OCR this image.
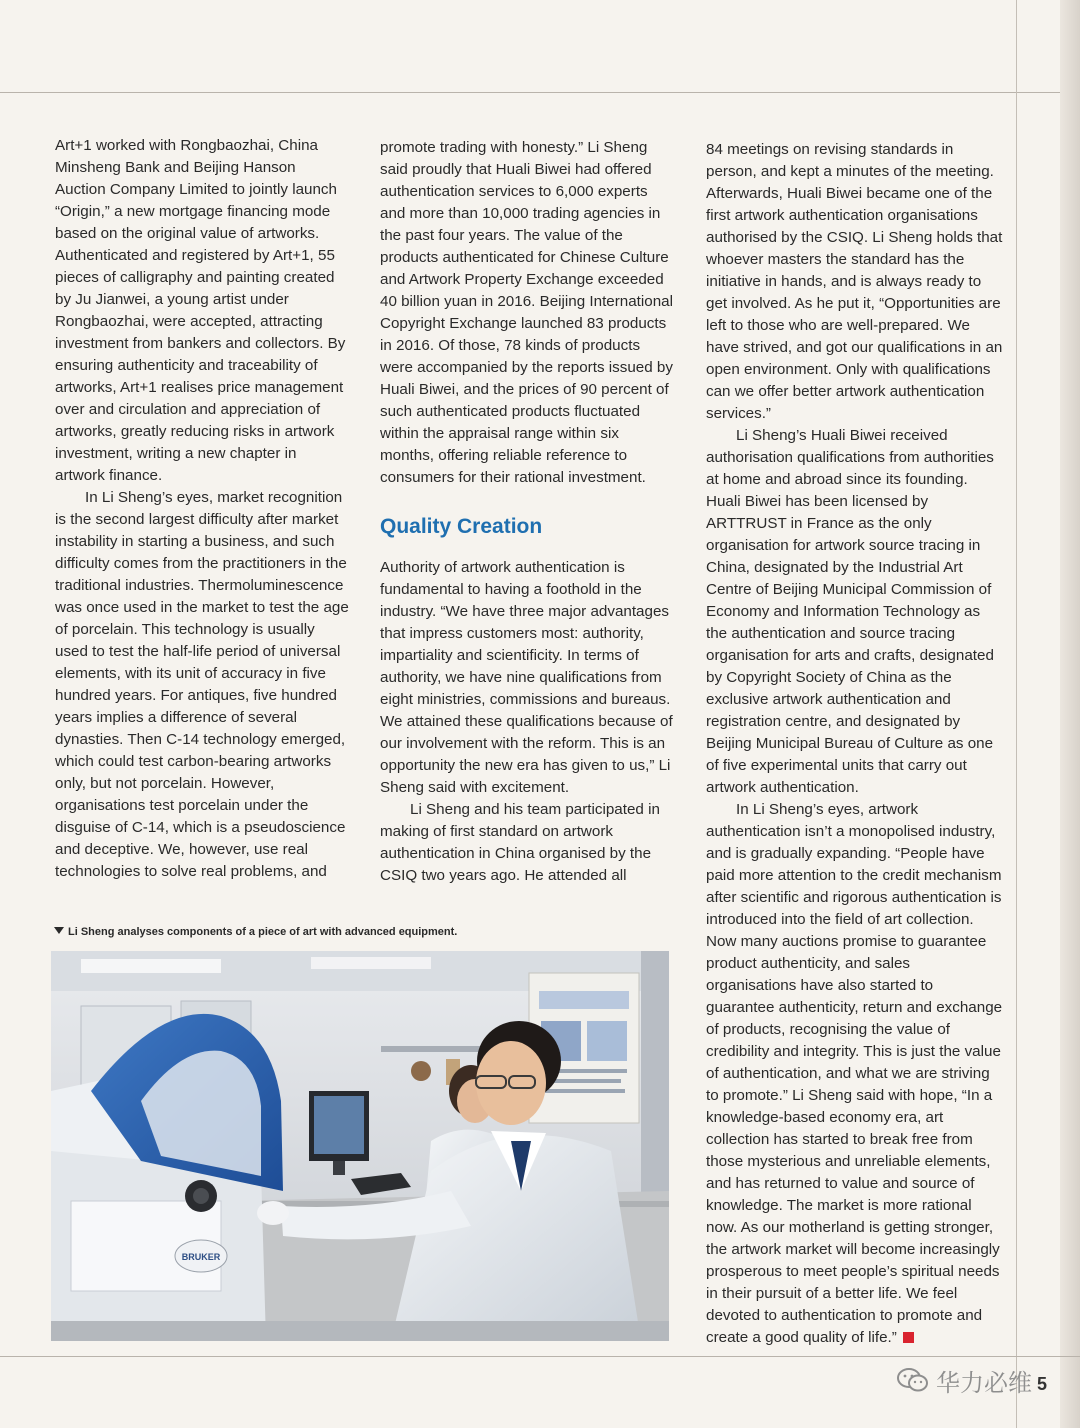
Art+1 worked with Rongbaozhai, China Minsheng Bank and Beijing Hanson Auction Company Limited to jointly launch “Origin,” a new mortgage financing mode based on the original value of artworks. Authenticated and registered by Art+1, 55 pieces of calligraphy and painting created by Ju Jianwei, a young artist under Rongbaozhai, were accepted, attracting investment from bankers and collectors. By ensuring authenticity and traceability of artworks, Art+1 realises price management over and circulation and appreciation of artworks, greatly reducing risks in artwork investment, writing a new chapter in artwork finance.

In Li Sheng’s eyes, market recognition is the second largest difficulty after market instability in starting a business, and such difficulty comes from the practitioners in the traditional industries. Thermoluminescence was once used in the market to test the age of porcelain. This technology is usually used to test the half-life period of universal elements, with its unit of accuracy in five hundred years. For antiques, five hundred years implies a difference of several dynasties. Then C-14 technology emerged, which could test carbon-bearing artworks only, but not porcelain. However, organisations test porcelain under the disguise of C-14, which is a pseudoscience and deceptive. We, however, use real technologies to solve real problems, and

promote trading with honesty.” Li Sheng said proudly that Huali Biwei had offered authentication services to 6,000 experts and more than 10,000 trading agencies in the past four years. The value of the products authenticated for Chinese Culture and Artwork Property Exchange exceeded 40 billion yuan in 2016. Beijing International Copyright Exchange launched 83 products in 2016. Of those, 78 kinds of products were accompanied by the reports issued by Huali Biwei, and the prices of 90 percent of such authenticated products fluctuated within the appraisal range within six months, offering reliable reference to consumers for their rational investment.

Quality Creation

Authority of artwork authentication is fundamental to having a foothold in the industry. “We have three major advantages that impress customers most: authority, impartiality and scientificity. In terms of authority, we have nine qualifications from eight ministries, commissions and bureaus. We attained these qualifications because of our involvement with the reform. This is an opportunity the new era has given to us,” Li Sheng said with excitement.

Li Sheng and his team participated in making of first standard on artwork authentication in China organised by the CSIQ two years ago. He attended all

84 meetings on revising standards in person, and kept a minutes of the meeting. Afterwards, Huali Biwei became one of the first artwork authentication organisations authorised by the CSIQ. Li Sheng holds that whoever masters the standard has the initiative in hands, and is always ready to get involved. As he put it, “Opportunities are left to those who are well-prepared. We have strived, and got our qualifications in an open environment. Only with qualifications can we offer better artwork authentication services.”

Li Sheng’s Huali Biwei received authorisation qualifications from authorities at home and abroad since its founding. Huali Biwei has been licensed by ARTTRUST in France as the only organisation for artwork source tracing in China, designated by the Industrial Art Centre of Beijing Municipal Commission of Economy and Information Technology as the authentication and source tracing organisation for arts and crafts, designated by Copyright Society of China as the exclusive artwork authentication and registration centre, and designated by Beijing Municipal Bureau of Culture as one of five experimental units that carry out artwork authentication.

In Li Sheng’s eyes, artwork authentication isn’t a monopolised industry, and is gradually expanding. “People have paid more attention to the credit mechanism after scientific and rigorous authentication is introduced into the field of art collection. Now many auctions promise to guarantee product authenticity, and sales organisations have also started to guarantee authenticity, return and exchange of products, recognising the value of credibility and integrity. This is just the value of authentication, and what we are striving to promote.” Li Sheng said with hope, “In a knowledge-based economy era, art collection has started to break free from those mysterious and unreliable elements, and has returned to value and source of knowledge. The market is more rational now. As our motherland is getting stronger, the artwork market will become increasingly prosperous to meet people’s spiritual needs in their pursuit of a better life. We feel devoted to authentication to promote and create a good quality of life.”

Li Sheng analyses components of a piece of art with advanced equipment.
BRUKER
华力必维 5
